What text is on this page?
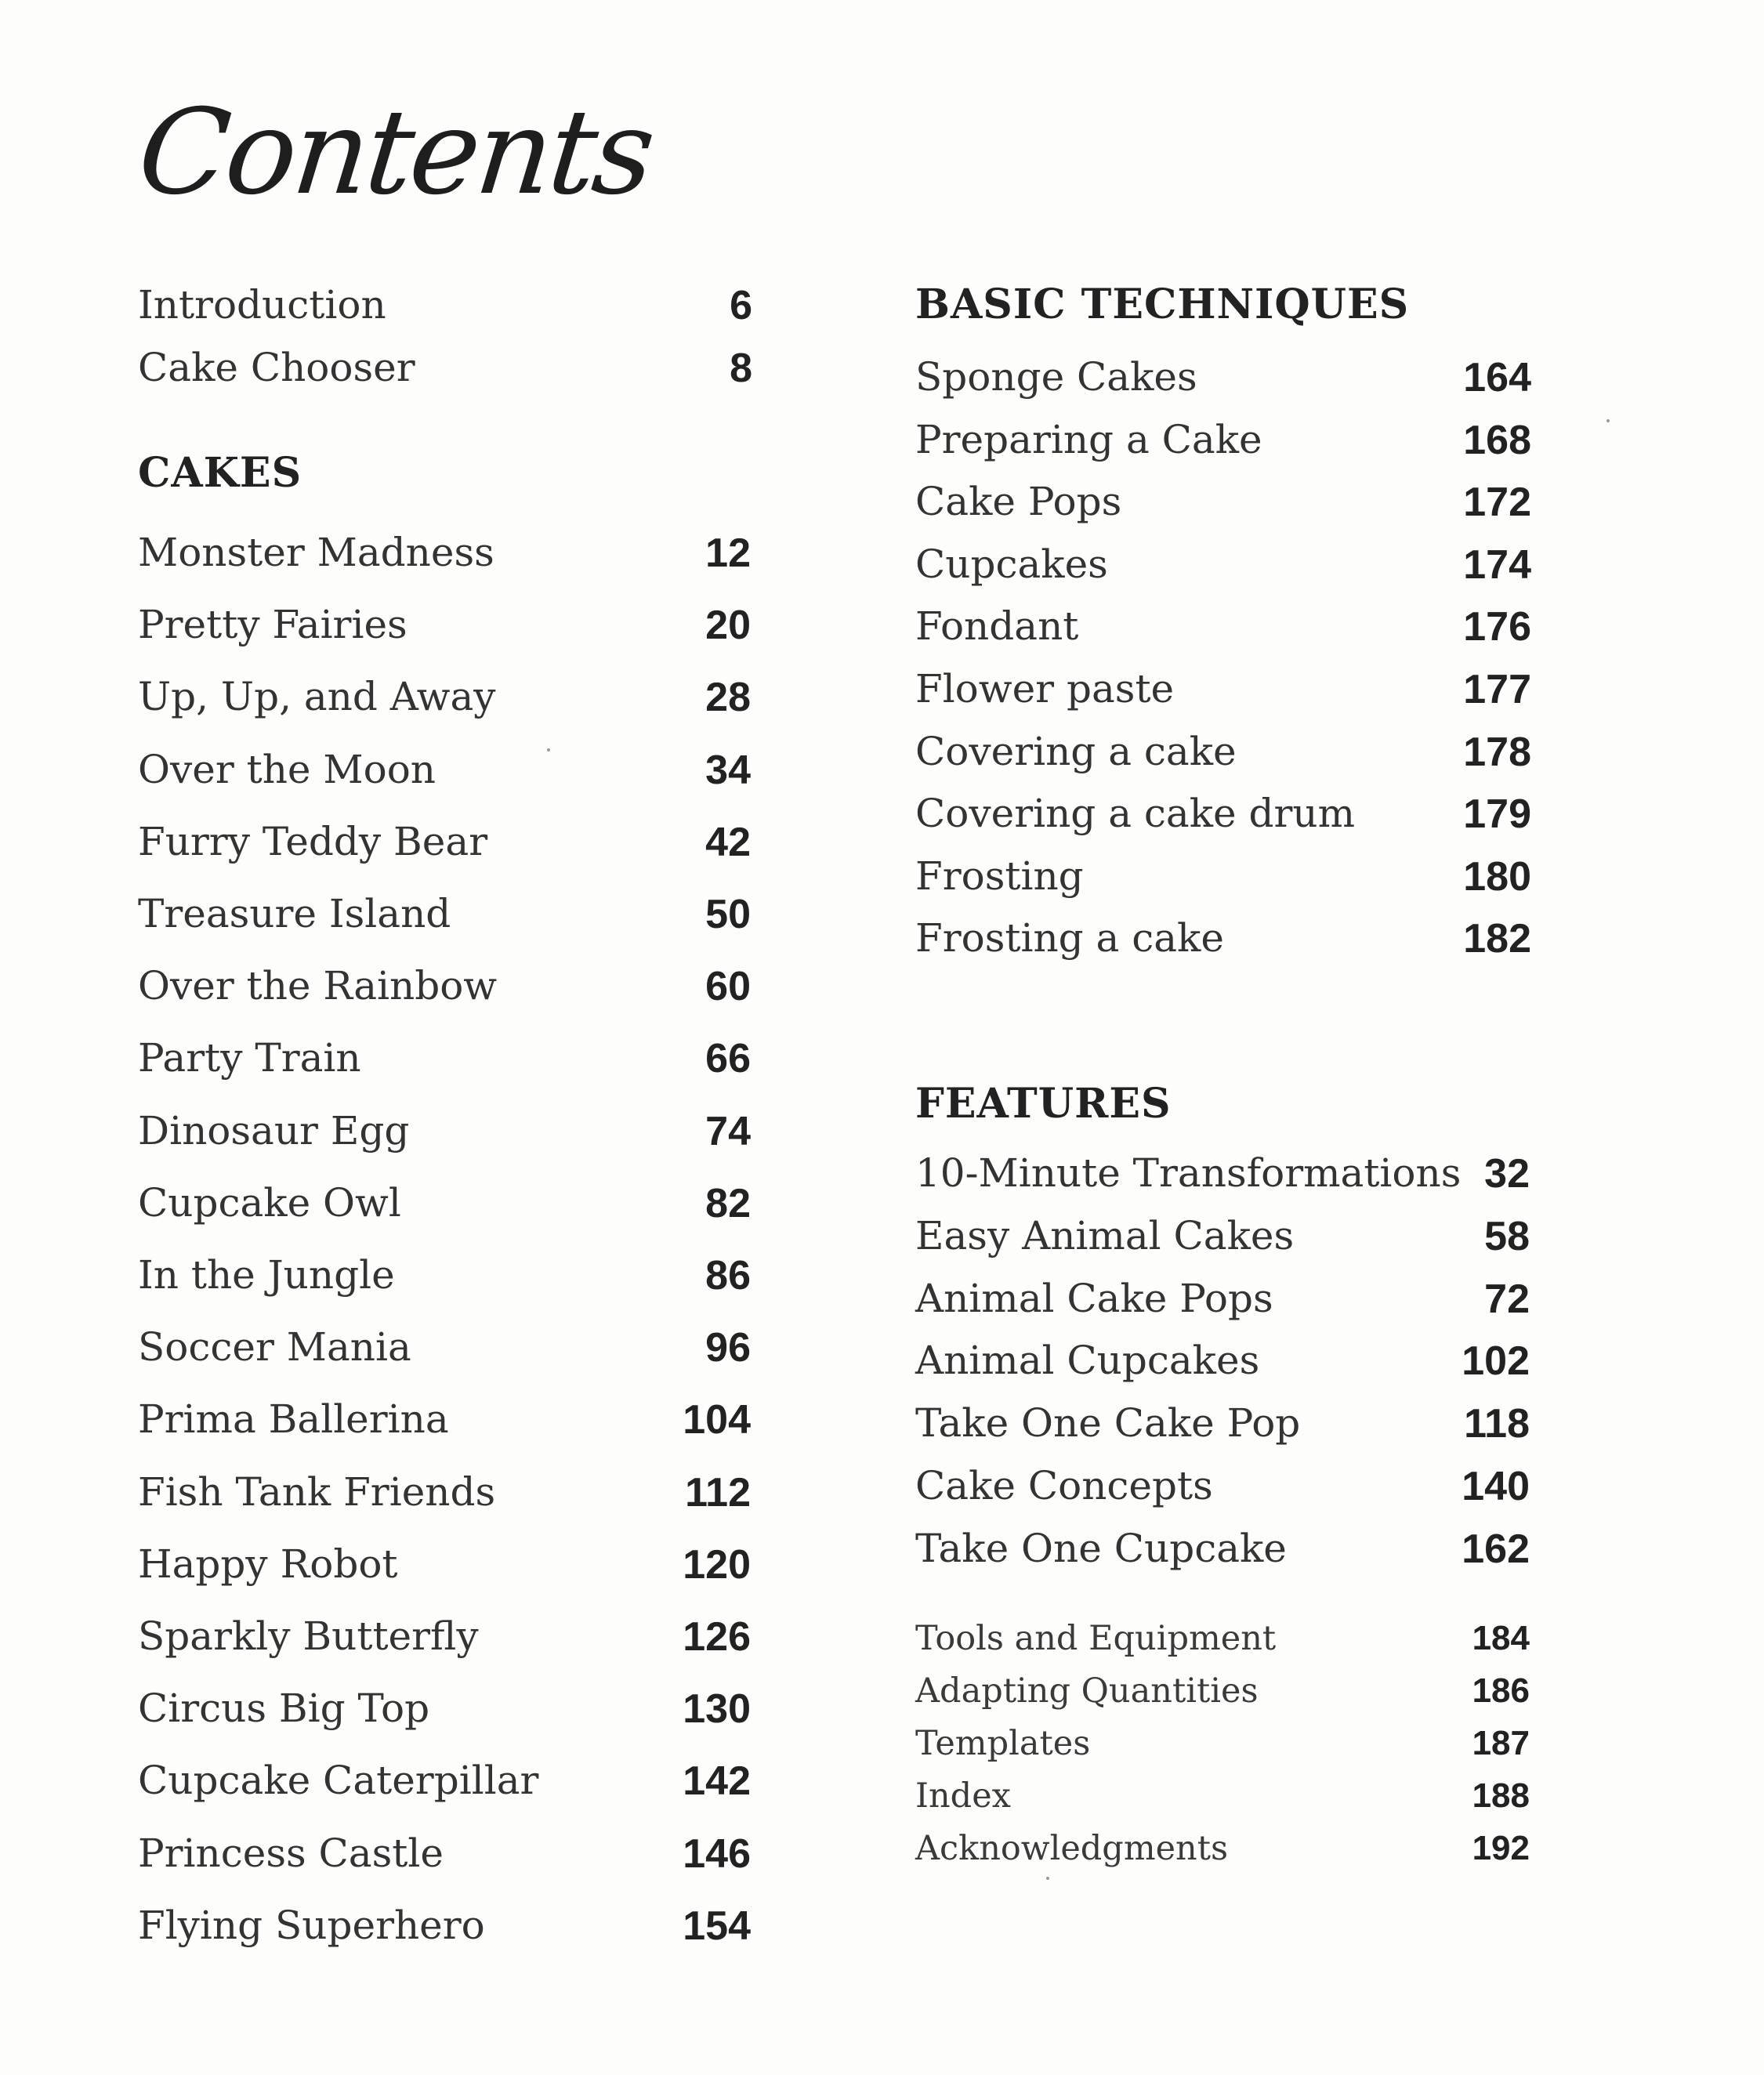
Contents
Introduction	6
Cake Chooser	8
CAKES
Monster Madness	12
Pretty Fairies	20
Up, Up, and Away	28
Over the Moon	34
Furry Teddy Bear	42
Treasure Island	50
Over the Rainbow	60
Party Train	66
Dinosaur Egg	74
Cupcake Owl	82
In the Jungle	86
Soccer Mania	96
Prima Ballerina	104
Fish Tank Friends	112
Happy Robot	120
Sparkly Butterfly	126
Circus Big Top	130
Cupcake Caterpillar	142
Princess Castle	146
Flying Superhero	154
BASIC TECHNIQUES
Sponge Cakes	164
Preparing a Cake	168
Cake Pops	172
Cupcakes	174
Fondant	176
Flower paste	177
Covering a cake	178
Covering a cake drum	179
Frosting	180
Frosting a cake	182
FEATURES
10-Minute Transformations 32
Easy Animal Cakes	58
Animal Cake Pops	72
Animal Cupcakes	102
Take One Cake Pop	118
Cake Concepts	140
Take One Cupcake	162
Tools and Equipment	184
Adapting Quantities	186
Templates	187
Index	188
Acknowledgments	192
